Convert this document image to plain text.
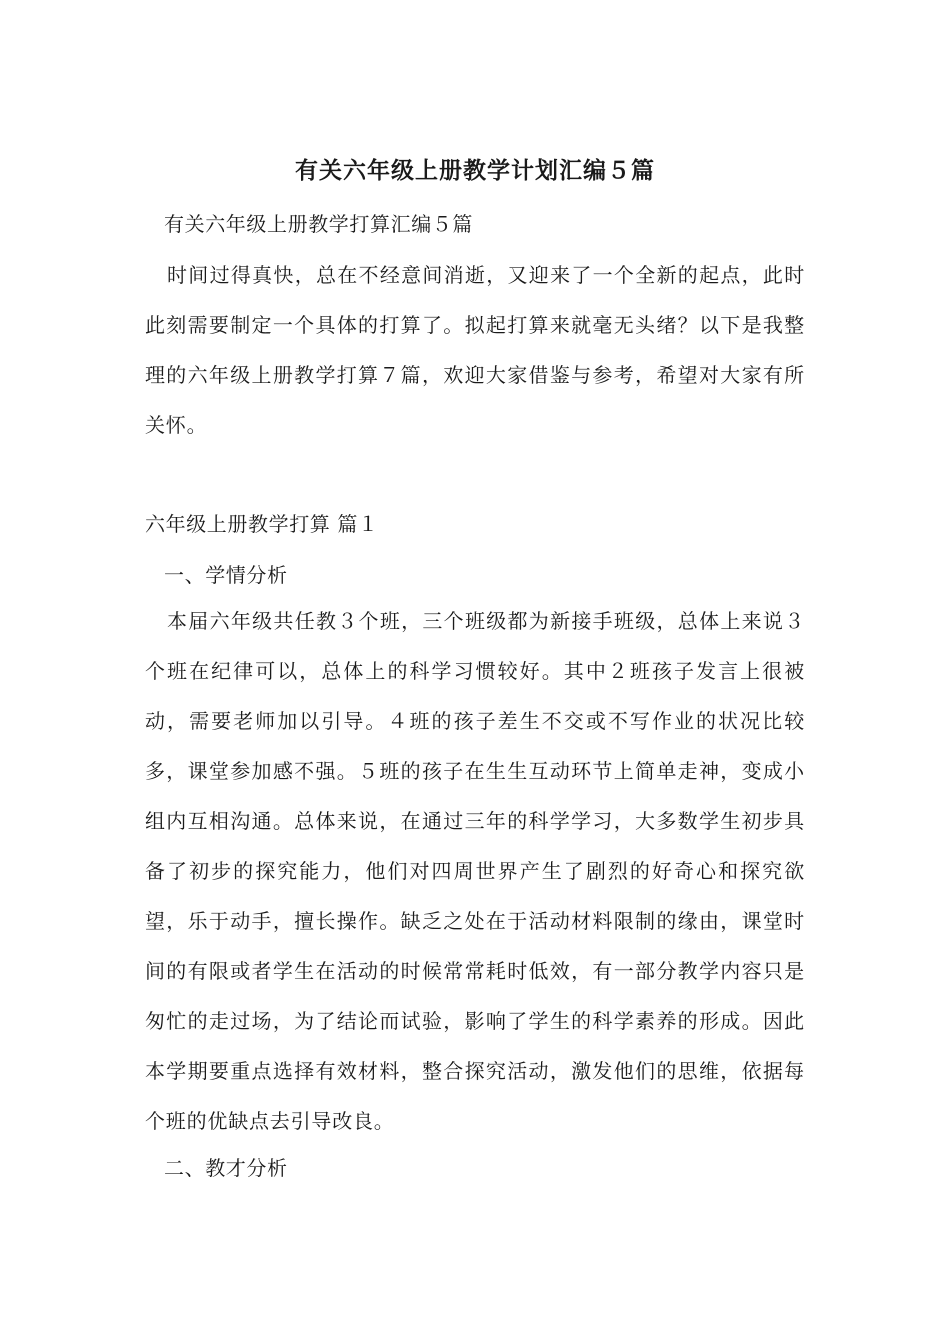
有关六年级上册教学计划汇编５篇
有关六年级上册教学打算汇编５篇
时间过得真快，总在不经意间消逝，又迎来了一个全新的起点，此时此刻需要制定一个具体的打算了。拟起打算来就毫无头绪？以下是我整理的六年级上册教学打算７篇，欢迎大家借鉴与参考，希望对大家有所关怀。
六年级上册教学打算 篇１
一、学情分析
本届六年级共任教３个班，三个班级都为新接手班级，总体上来说３个班在纪律可以，总体上的科学习惯较好。其中２班孩子发言上很被动，需要老师加以引导。４班的孩子差生不交或不写作业的状况比较多，课堂参加感不强。５班的孩子在生生互动环节上简单走神，变成小组内互相沟通。总体来说，在通过三年的科学学习，大多数学生初步具备了初步的探究能力，他们对四周世界产生了剧烈的好奇心和探究欲望，乐于动手，擅长操作。缺乏之处在于活动材料限制的缘由，课堂时间的有限或者学生在活动的时候常常耗时低效，有一部分教学内容只是匆忙的走过场，为了结论而试验，影响了学生的科学素养的形成。因此本学期要重点选择有效材料，整合探究活动，激发他们的思维，依据每个班的优缺点去引导改良。
二、教才分析
